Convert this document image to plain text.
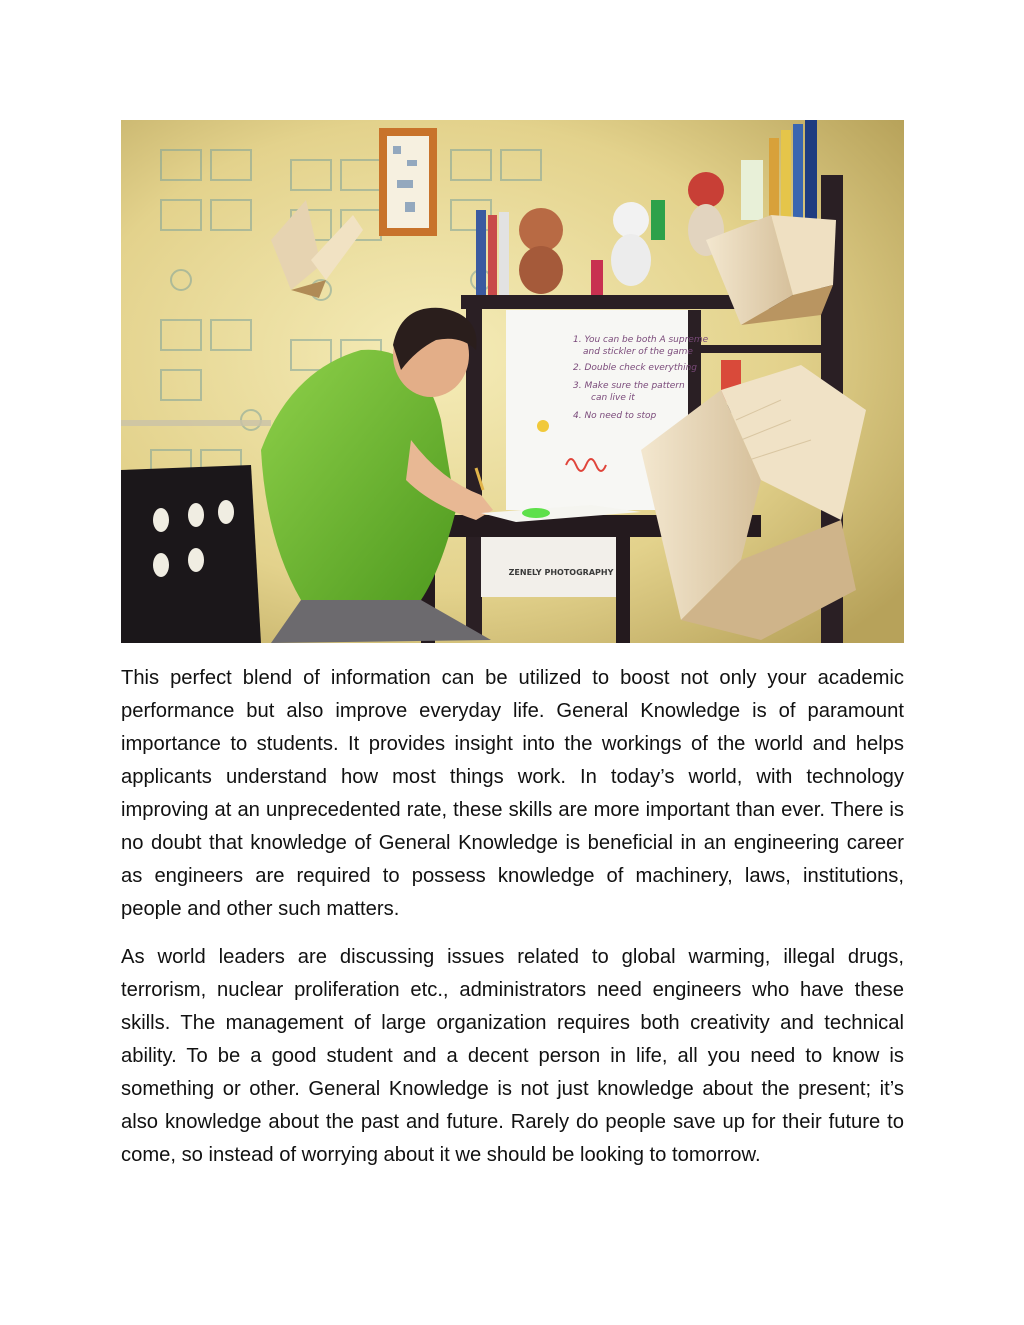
1. You can be both A supreme
and stickler of the game
2. Double check everything
3. Make sure the pattern
can live it
4. No need to stop
ZENELY PHOTOGRAPHY

This perfect blend of information can be utilized to boost not only your academic performance but also improve everyday life. General Knowledge is of paramount importance to students. It provides insight into the workings of the world and helps applicants understand how most things work. In today’s world, with technology improving at an unprecedented rate, these skills are more important than ever. There is no doubt that knowledge of General Knowledge is beneficial in an engineering career as engineers are required to possess knowledge of machinery, laws, institutions, people and other such matters.

As world leaders are discussing issues related to global warming, illegal drugs, terrorism, nuclear proliferation etc., administrators need engineers who have these skills. The management of large organization requires both creativity and technical ability. To be a good student and a decent person in life, all you need to know is something or other. General Knowledge is not just knowledge about the present; it’s also knowledge about the past and future. Rarely do people save up for their future to come, so instead of worrying about it we should be looking to tomorrow.
